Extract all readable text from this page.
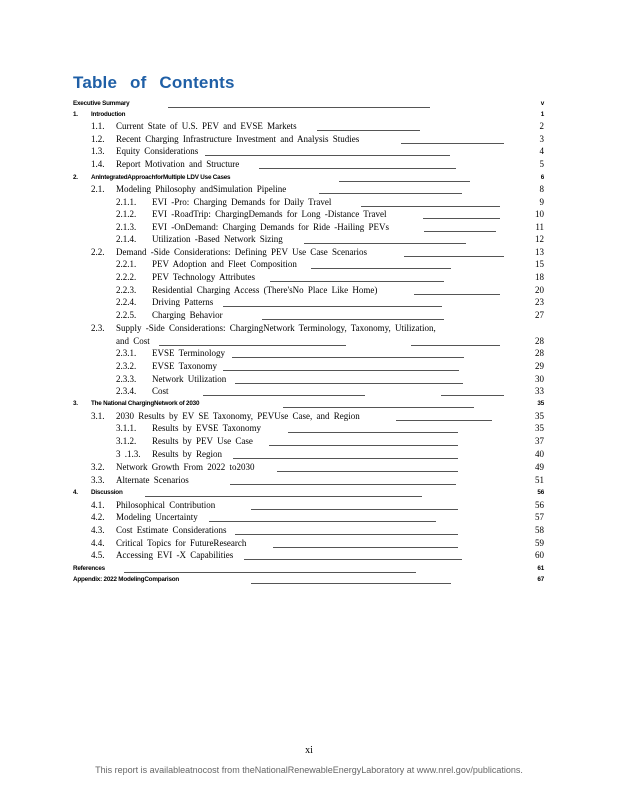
Table of Contents
Executive Summary	v
1. Introduction	1
1.1. Current State of U.S. PEV and EVSE Markets	2
1.2. Recent Charging Infrastructure Investment and Analysis Studies	3
1.3. Equity Considerations	4
1.4. Report Motivation and Structure	5
2. AnIntegratedApproachforMultiple LDV Use Cases	6
2.1. Modeling Philosophy andSimulation Pipeline	8
2.1.1. EVI -Pro: Charging Demands for Daily Travel	9
2.1.2. EVI -RoadTrip: ChargingDemands for Long -Distance Travel	10
2.1.3. EVI -OnDemand: Charging Demands for Ride -Hailing PEVs	11
2.1.4. Utilization -Based Network Sizing	12
2.2. Demand -Side Considerations: Defining PEV Use Case Scenarios	13
2.2.1. PEV Adoption and Fleet Composition	15
2.2.2. PEV Technology Attributes	18
2.2.3. Residential Charging Access (There'sNo Place Like Home)	20
2.2.4. Driving Patterns	23
2.2.5. Charging Behavior	27
2.3. Supply -Side Considerations: ChargingNetwork Terminology, Taxonomy, Utilization,
and Cost	28
2.3.1. EVSE Terminology	28
2.3.2. EVSE Taxonomy	29
2.3.3. Network Utilization	30
2.3.4. Cost	33
3. The National ChargingNetwork of 2030	35
3.1. 2030 Results by EV SE Taxonomy, PEVUse Case, and Region	35
3.1.1. Results by EVSE Taxonomy	35
3.1.2. Results by PEV Use Case	37
3 .1.3. Results by Region	40
3.2. Network Growth From 2022 to2030	49
3.3. Alternate Scenarios	51
4. Discussion	56
4.1. Philosophical Contribution	56
4.2. Modeling Uncertainty	57
4.3. Cost Estimate Considerations	58
4.4. Critical Topics for FutureResearch	59
4.5. Accessing EVI -X Capabilities	60
References	61
Appendix: 2022 ModelingComparison	67
xi
This report is availableatnocost from theNationalRenewableEnergyLaboratory at www.nrel.gov/publications.
